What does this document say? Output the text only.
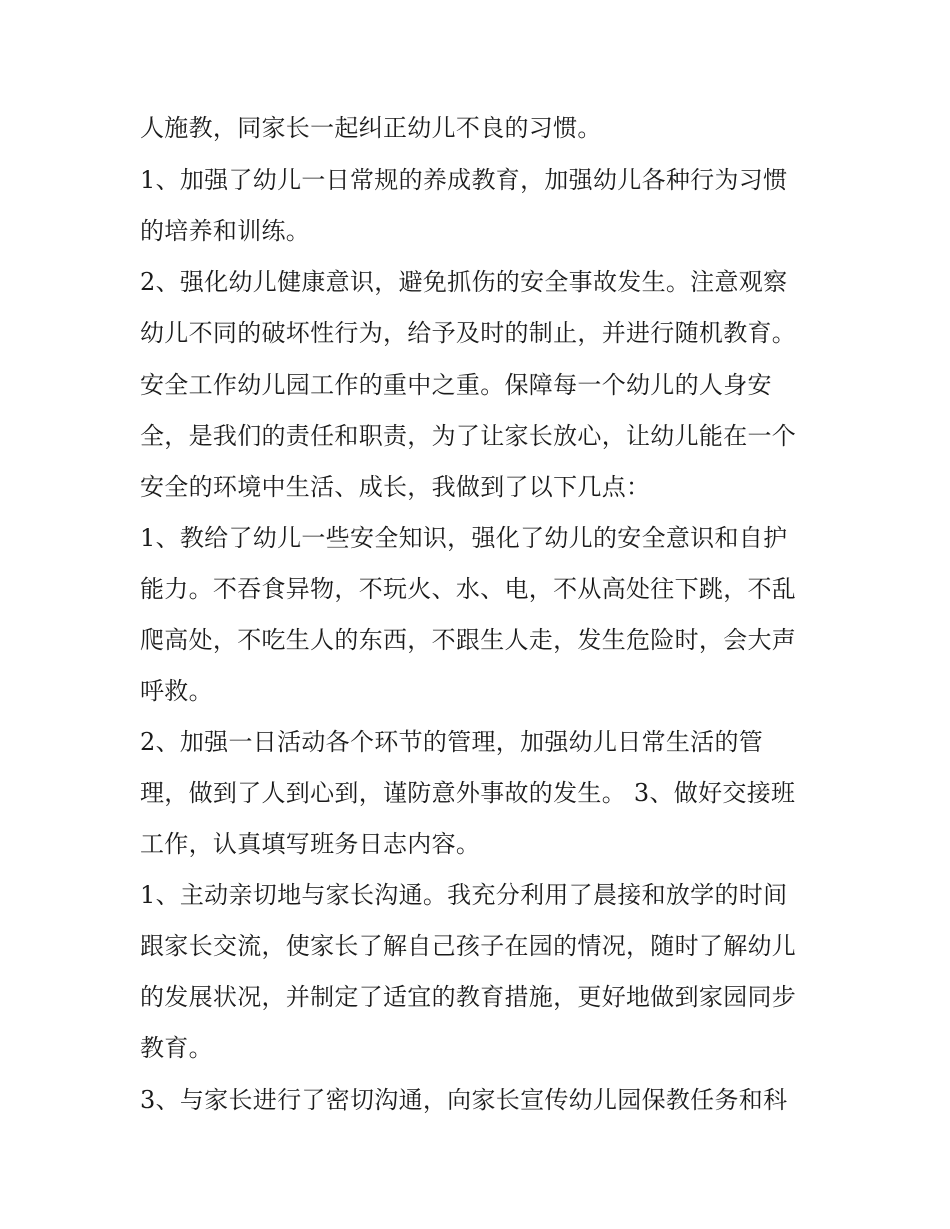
人施教，同家长一起纠正幼儿不良的习惯。
1、加强了幼儿一日常规的养成教育，加强幼儿各种行为习惯
的培养和训练。
2、强化幼儿健康意识，避免抓伤的安全事故发生。注意观察
幼儿不同的破坏性行为，给予及时的制止，并进行随机教育。
安全工作幼儿园工作的重中之重。保障每一个幼儿的人身安
全，是我们的责任和职责，为了让家长放心，让幼儿能在一个
安全的环境中生活、成长，我做到了以下几点：
1、教给了幼儿一些安全知识，强化了幼儿的安全意识和自护
能力。不吞食异物，不玩火、水、电，不从高处往下跳，不乱
爬高处，不吃生人的东西，不跟生人走，发生危险时，会大声
呼救。
2、加强一日活动各个环节的管理，加强幼儿日常生活的管
理，做到了人到心到，谨防意外事故的发生。 3、做好交接班
工作，认真填写班务日志内容。
1、主动亲切地与家长沟通。我充分利用了晨接和放学的时间
跟家长交流，使家长了解自己孩子在园的情况，随时了解幼儿
的发展状况，并制定了适宜的教育措施，更好地做到家园同步
教育。
3、与家长进行了密切沟通，向家长宣传幼儿园保教任务和科
